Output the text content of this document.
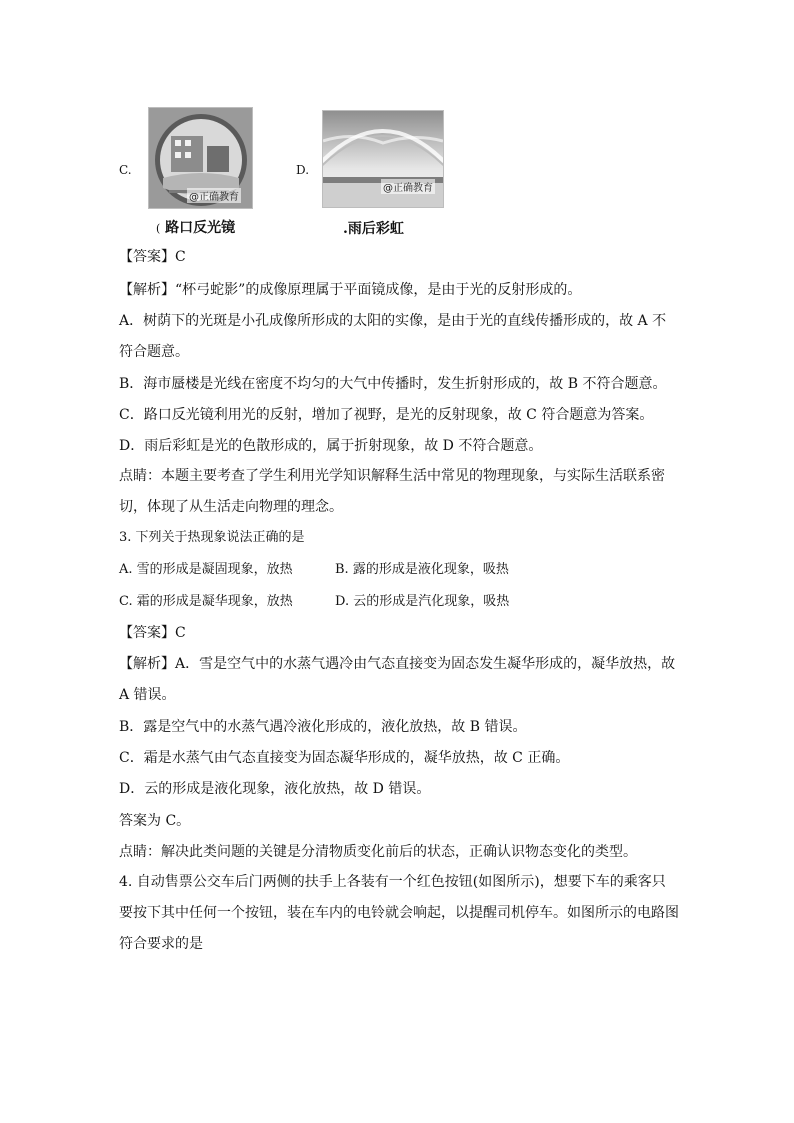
C.
@正确教育
( 路口反光镜
D.
@正确教育
.雨后彩虹
【答案】C
【解析】“杯弓蛇影”的成像原理属于平面镜成像，是由于光的反射形成的。
A．树荫下的光斑是小孔成像所形成的太阳的实像，是由于光的直线传播形成的，故 A 不符合题意。
B．海市蜃楼是光线在密度不均匀的大气中传播时，发生折射形成的，故 B 不符合题意。
C．路口反光镜利用光的反射，增加了视野，是光的反射现象，故 C 符合题意为答案。
D．雨后彩虹是光的色散形成的，属于折射现象，故 D 不符合题意。
点睛：本题主要考查了学生利用光学知识解释生活中常见的物理现象，与实际生活联系密切，体现了从生活走向物理的理念。
3. 下列关于热现象说法正确的是
A. 雪的形成是凝固现象，放热	B. 露的形成是液化现象，吸热
C. 霜的形成是凝华现象，放热	D. 云的形成是汽化现象，吸热
【答案】C
【解析】A．雪是空气中的水蒸气遇冷由气态直接变为固态发生凝华形成的，凝华放热，故 A 错误。
B．露是空气中的水蒸气遇冷液化形成的，液化放热，故 B 错误。
C．霜是水蒸气由气态直接变为固态凝华形成的，凝华放热，故 C 正确。
D．云的形成是液化现象，液化放热，故 D 错误。
答案为 C。
点睛：解决此类问题的关键是分清物质变化前后的状态，正确认识物态变化的类型。
4. 自动售票公交车后门两侧的扶手上各装有一个红色按钮(如图所示)，想要下车的乘客只要按下其中任何一个按钮，装在车内的电铃就会响起，以提醒司机停车。如图所示的电路图符合要求的是
